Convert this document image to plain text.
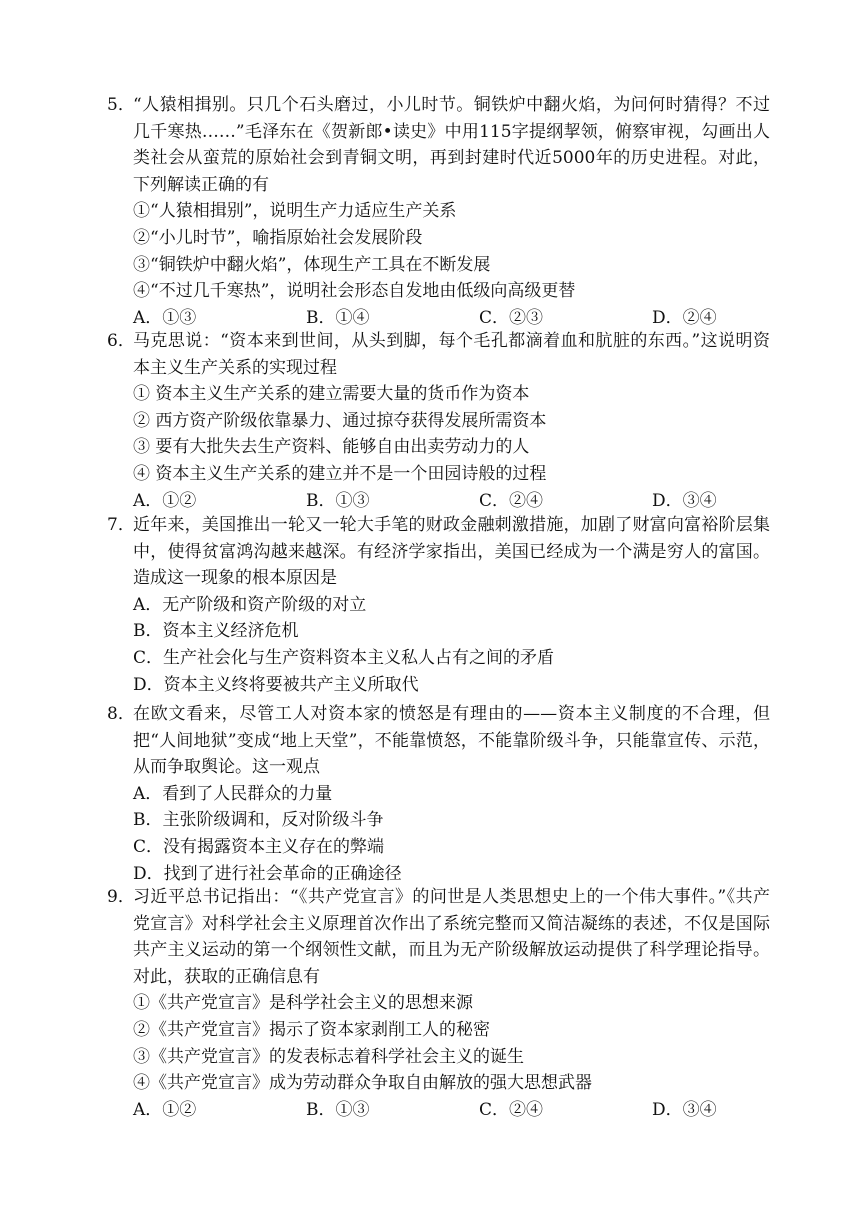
5．
“人猿相揖别。只几个石头磨过，小儿时节。铜铁炉中翻火焰，为问何时猜得？不过几千寒热……”毛泽东在《贺新郎•读史》中用115字提纲挈领，俯察审视，勾画出人类社会从蛮荒的原始社会到青铜文明，再到封建时代近5000年的历史进程。对此，下列解读正确的有
①“人猿相揖别”，说明生产力适应生产关系
②“小儿时节”，喻指原始社会发展阶段
③“铜铁炉中翻火焰”，体现生产工具在不断发展
④“不过几千寒热”，说明社会形态自发地由低级向高级更替
A．①③	B．①④	C．②③	D．②④
6．
马克思说：“资本来到世间，从头到脚，每个毛孔都滴着血和肮脏的东西。”这说明资本主义生产关系的实现过程
① 资本主义生产关系的建立需要大量的货币作为资本
② 西方资产阶级依靠暴力、通过掠夺获得发展所需资本
③ 要有大批失去生产资料、能够自由出卖劳动力的人
④ 资本主义生产关系的建立并不是一个田园诗般的过程
A．①②	B．①③	C．②④	D．③④
7．
近年来，美国推出一轮又一轮大手笔的财政金融刺激措施，加剧了财富向富裕阶层集中，使得贫富鸿沟越来越深。有经济学家指出，美国已经成为一个满是穷人的富国。造成这一现象的根本原因是
A．无产阶级和资产阶级的对立
B．资本主义经济危机
C．生产社会化与生产资料资本主义私人占有之间的矛盾
D．资本主义终将要被共产主义所取代
8．
在欧文看来，尽管工人对资本家的愤怒是有理由的——资本主义制度的不合理，但把“人间地狱”变成“地上天堂”，不能靠愤怒，不能靠阶级斗争，只能靠宣传、示范，从而争取舆论。这一观点
A．看到了人民群众的力量
B．主张阶级调和，反对阶级斗争
C．没有揭露资本主义存在的弊端
D．找到了进行社会革命的正确途径
9．
习近平总书记指出：“《共产党宣言》的问世是人类思想史上的一个伟大事件。”《共产党宣言》对科学社会主义原理首次作出了系统完整而又简洁凝练的表述，不仅是国际共产主义运动的第一个纲领性文献，而且为无产阶级解放运动提供了科学理论指导。对此，获取的正确信息有
①《共产党宣言》是科学社会主义的思想来源
②《共产党宣言》揭示了资本家剥削工人的秘密
③《共产党宣言》的发表标志着科学社会主义的诞生
④《共产党宣言》成为劳动群众争取自由解放的强大思想武器
A．①②	B．①③	C．②④	D．③④
